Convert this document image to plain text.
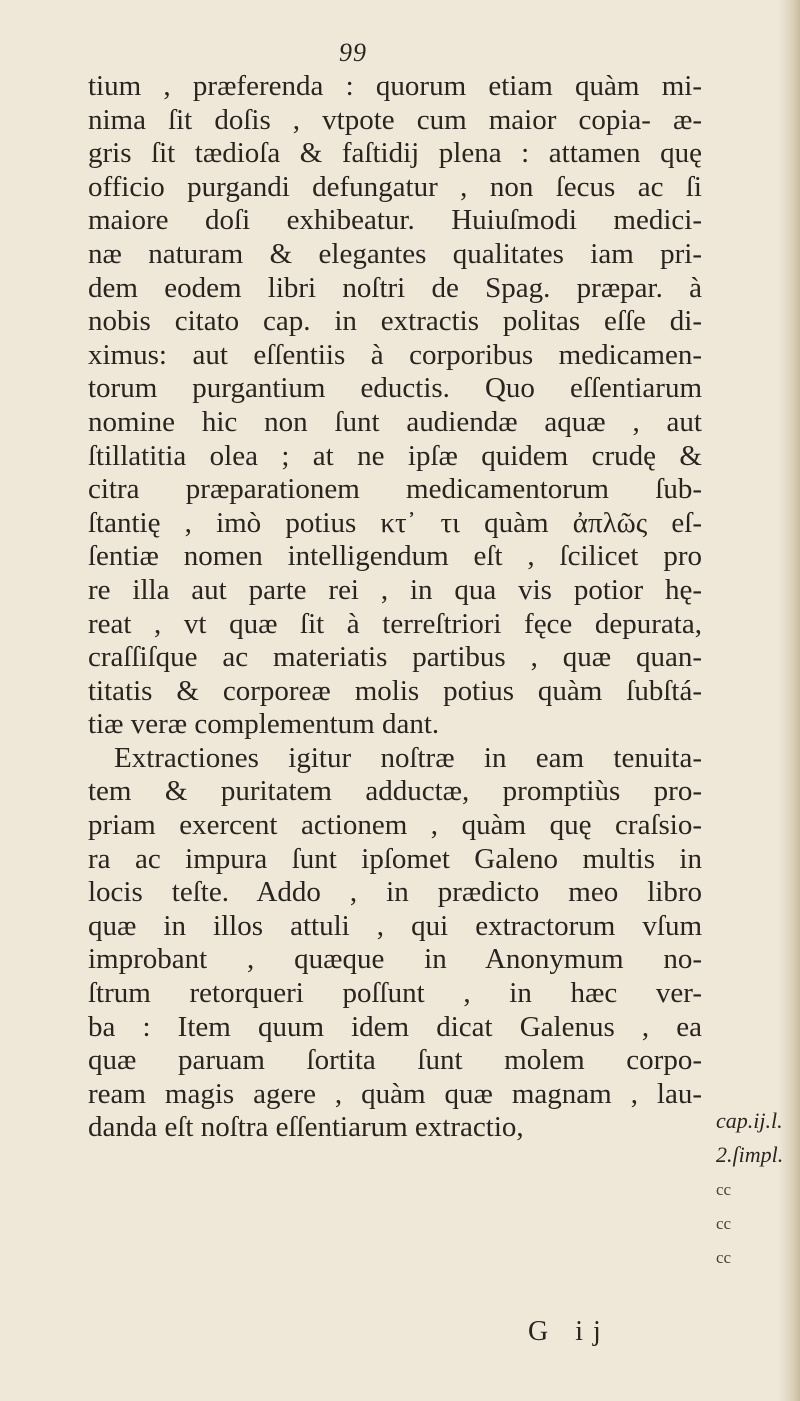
99
tium , præferenda : quorum etiam quàm mi-
nima ſit doſis , vtpote cum maior copia- æ-
gris ſit tædioſa & faſtidij plena : attamen quę
officio purgandi defungatur , non ſecus ac ſi
maiore doſi exhibeatur. Huiuſmodi medici-
næ naturam & elegantes qualitates iam pri-
dem eodem libri noſtri de Spag. præpar. à
nobis citato cap. in extractis politas eſſe di-
ximus: aut eſſentiis à corporibus medicamen-
torum purgantium eductis. Quo eſſentiarum
nomine hic non ſunt audiendæ aquæ , aut
ſtillatitia olea ; at ne ipſæ quidem crudę &
citra præparationem medicamentorum ſub-
ſtantię , imò potius κτ᾽ τι quàm ἀπλῶς eſ-
ſentiæ nomen intelligendum eſt , ſcilicet pro
re illa aut parte rei , in qua vis potior hę-
reat , vt quæ ſit à terreſtriori fęce depurata,
craſſiſque ac materiatis partibus , quæ quan-
titatis & corporeæ molis potius quàm ſubſtá-
tiæ veræ complementum dant.
Extractiones igitur noſtræ in eam tenuita-
tem & puritatem adductæ, promptiùs pro-
priam exercent actionem , quàm quę craſsio-
ra ac impura ſunt ipſomet Galeno multis in
locis teſte. Addo , in prædicto meo libro
quæ in illos attuli , qui extractorum vſum
improbant , quæque in Anonymum no-
ſtrum retorqueri poſſunt , in hæc ver-
ba : Item quum idem dicat Galenus , ea
quæ paruam ſortita ſunt molem corpo-
ream magis agere , quàm quæ magnam , lau-
danda eſt noſtra eſſentiarum extractio,	cap.ij.l.
2.ſimpl.
cc
cc
cc
G ij
